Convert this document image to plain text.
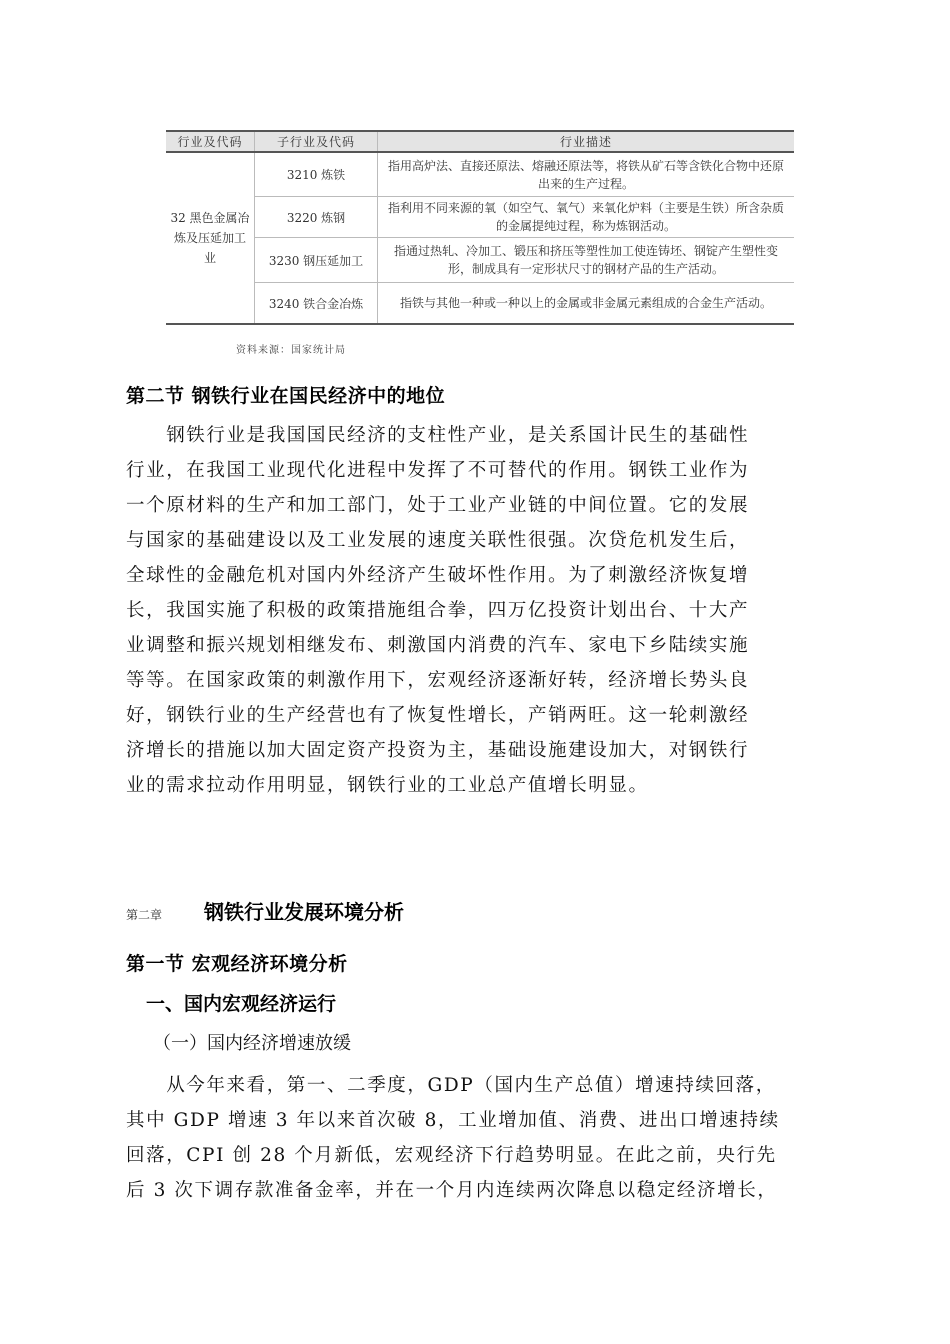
行业及代码	子行业及代码	行业描述
32 黑色金属冶炼及压延加工业	3210 炼铁	指用高炉法、直接还原法、熔融还原法等，将铁从矿石等含铁化合物中还原出来的生产过程。
	3220 炼钢	指利用不同来源的氧（如空气、氧气）来氧化炉料（主要是生铁）所含杂质的金属提纯过程，称为炼钢活动。
	3230 钢压延加工	指通过热轧、冷加工、锻压和挤压等塑性加工使连铸坯、钢锭产生塑性变形，制成具有一定形状尺寸的钢材产品的生产活动。
	3240 铁合金冶炼	指铁与其他一种或一种以上的金属或非金属元素组成的合金生产活动。
资料来源：国家统计局
第二节 钢铁行业在国民经济中的地位
　　钢铁行业是我国国民经济的支柱性产业，是关系国计民生的基础性
行业，在我国工业现代化进程中发挥了不可替代的作用。钢铁工业作为
一个原材料的生产和加工部门，处于工业产业链的中间位置。它的发展
与国家的基础建设以及工业发展的速度关联性很强。次贷危机发生后，
全球性的金融危机对国内外经济产生破坏性作用。为了刺激经济恢复增
长，我国实施了积极的政策措施组合拳，四万亿投资计划出台、十大产
业调整和振兴规划相继发布、刺激国内消费的汽车、家电下乡陆续实施
等等。在国家政策的刺激作用下，宏观经济逐渐好转，经济增长势头良
好，钢铁行业的生产经营也有了恢复性增长，产销两旺。这一轮刺激经
济增长的措施以加大固定资产投资为主，基础设施建设加大，对钢铁行
业的需求拉动作用明显，钢铁行业的工业总产值增长明显。
第二章	钢铁行业发展环境分析
第一节 宏观经济环境分析
一、国内宏观经济运行
（一）国内经济增速放缓
　　从今年来看，第一、二季度，GDP（国内生产总值）增速持续回落，
其中 GDP 增速 3 年以来首次破 8，工业增加值、消费、进出口增速持续
回落，CPI 创 28 个月新低，宏观经济下行趋势明显。在此之前，央行先
后 3 次下调存款准备金率，并在一个月内连续两次降息以稳定经济增长，
